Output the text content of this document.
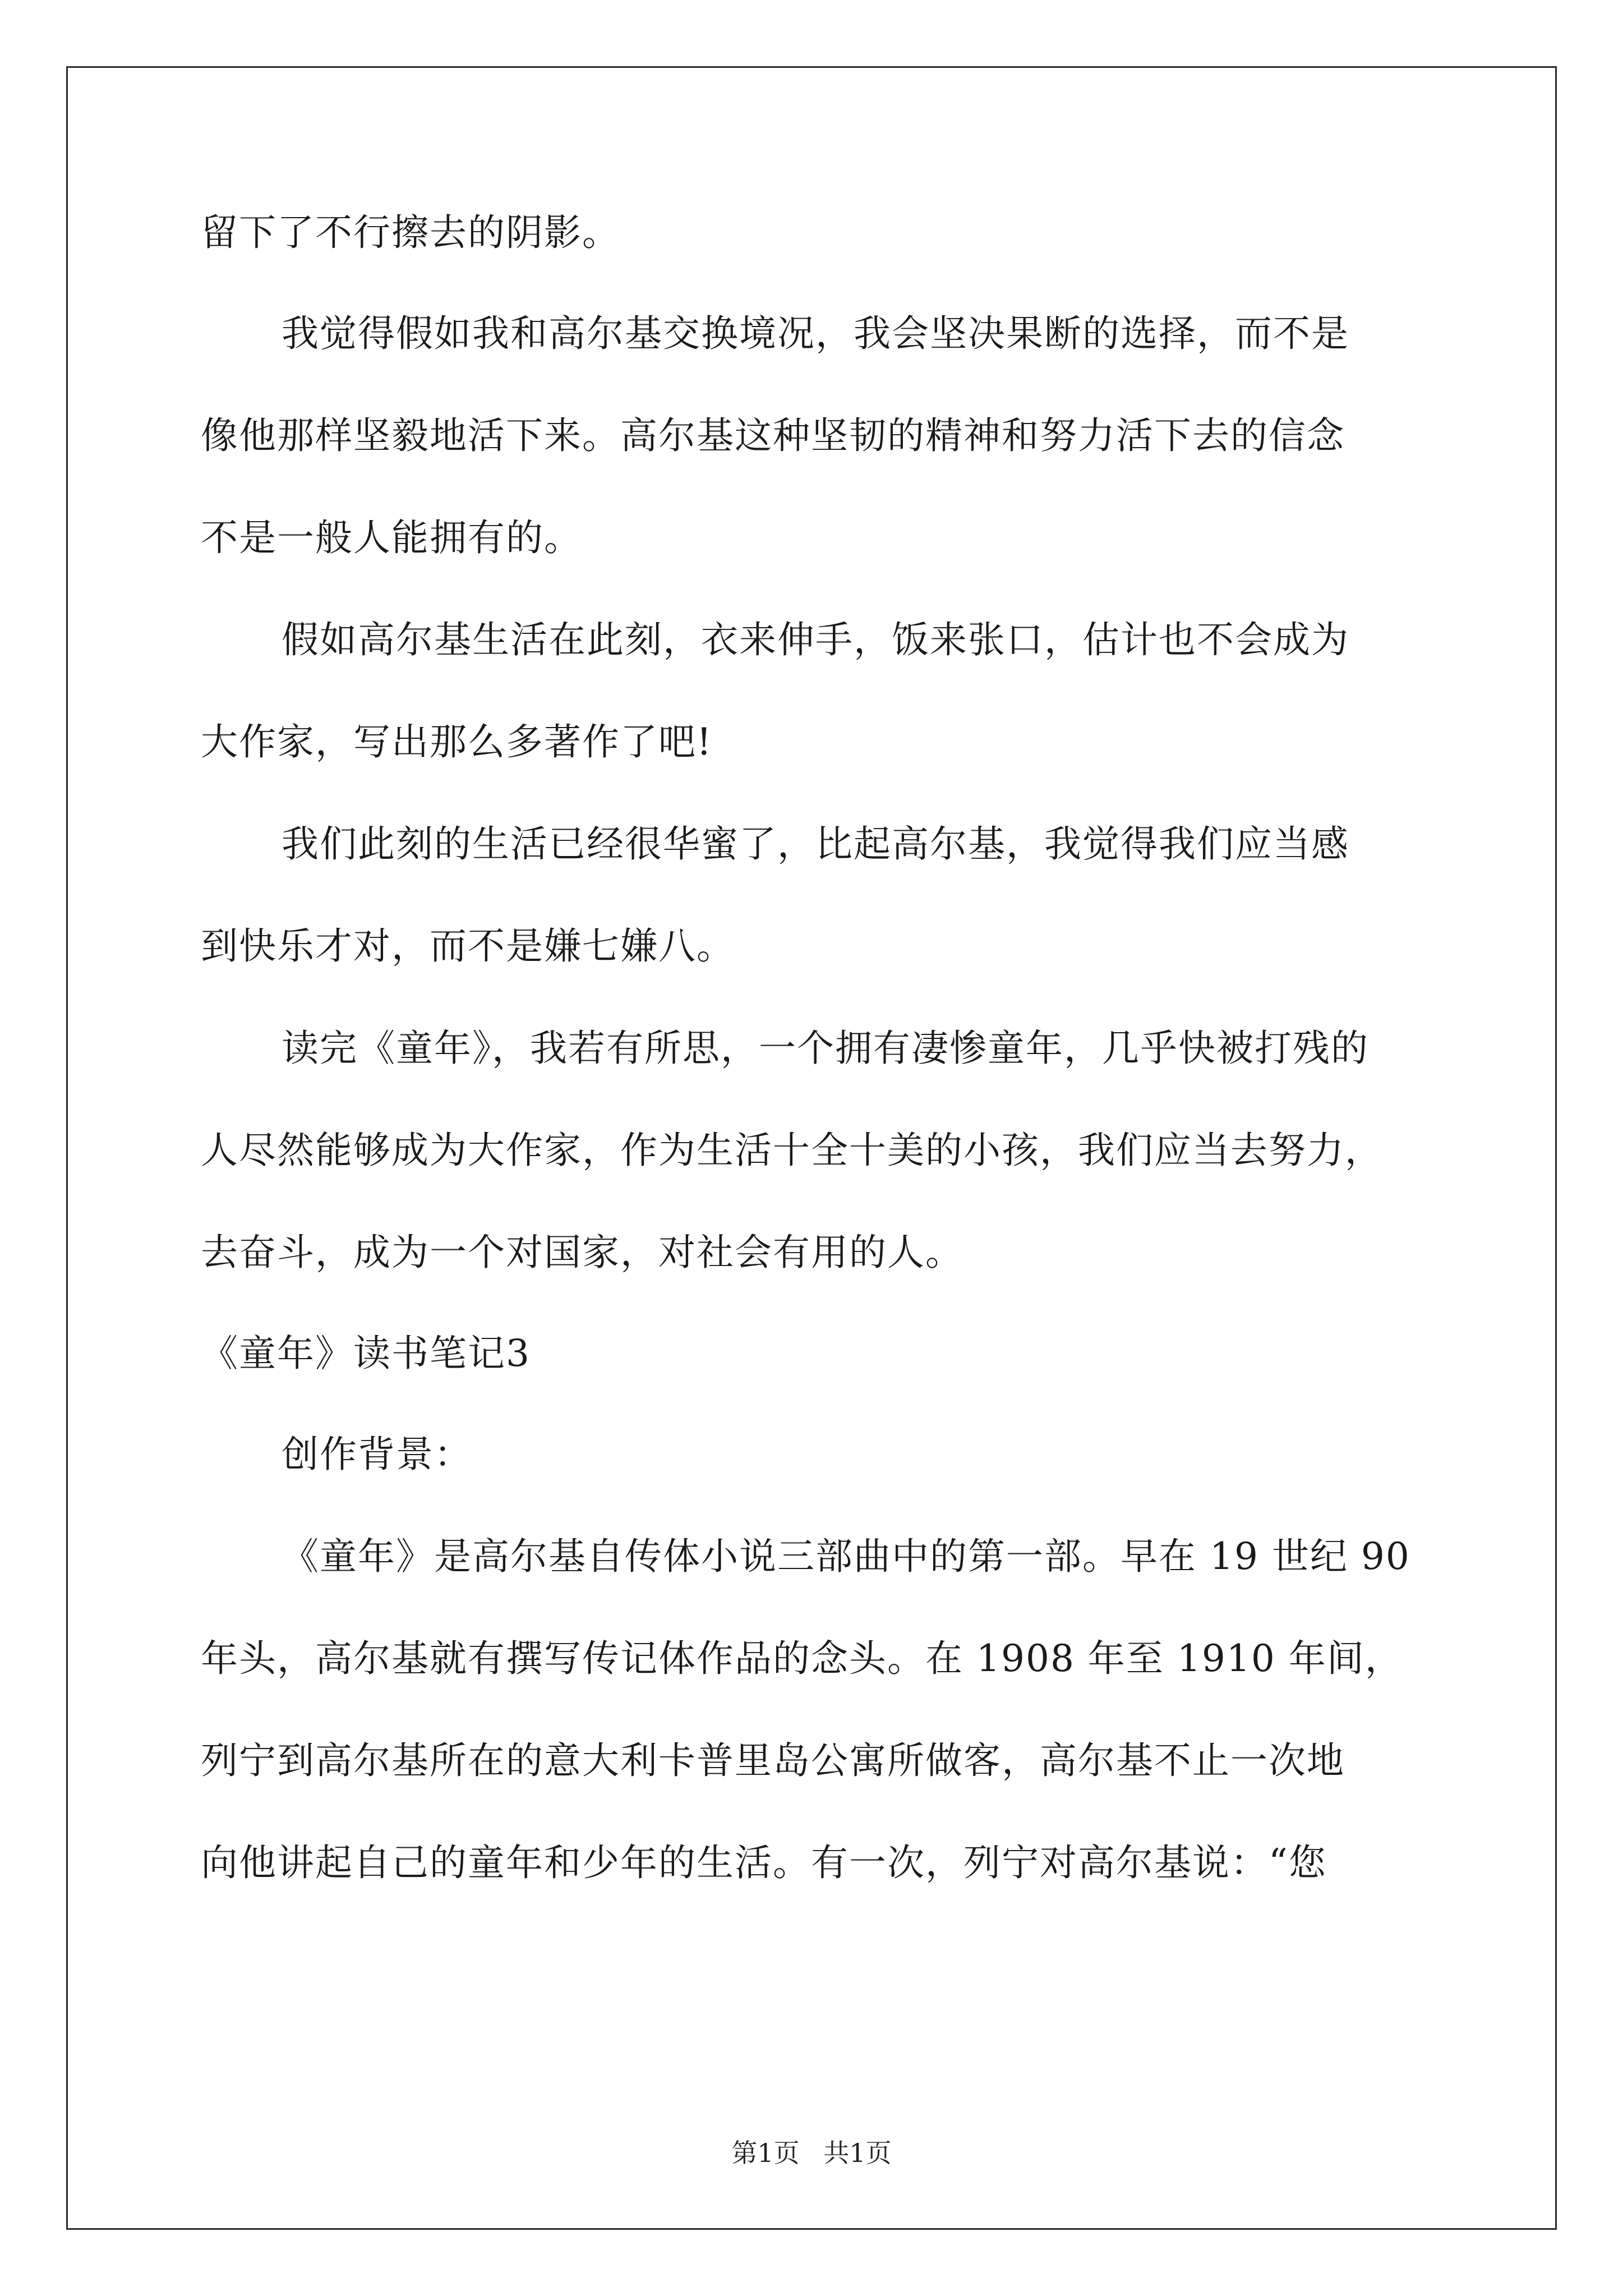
留下了不行擦去的阴影。
我觉得假如我和高尔基交换境况，我会坚决果断的选择，而不是
像他那样坚毅地活下来。高尔基这种坚韧的精神和努力活下去的信念
不是一般人能拥有的。
假如高尔基生活在此刻，衣来伸手，饭来张口，估计也不会成为
大作家，写出那么多著作了吧!
我们此刻的生活已经很华蜜了，比起高尔基，我觉得我们应当感
到快乐才对，而不是嫌七嫌八。
读完《童年》，我若有所思，一个拥有凄惨童年，几乎快被打残的
人尽然能够成为大作家，作为生活十全十美的小孩，我们应当去努力，
去奋斗，成为一个对国家，对社会有用的人。
《童年》读书笔记3
创作背景：
《童年》是高尔基自传体小说三部曲中的第一部。早在 19 世纪 90
年头，高尔基就有撰写传记体作品的念头。在 1908 年至 1910 年间，
列宁到高尔基所在的意大利卡普里岛公寓所做客，高尔基不止一次地
向他讲起自己的童年和少年的生活。有一次，列宁对高尔基说：“您
第1页 共1页
